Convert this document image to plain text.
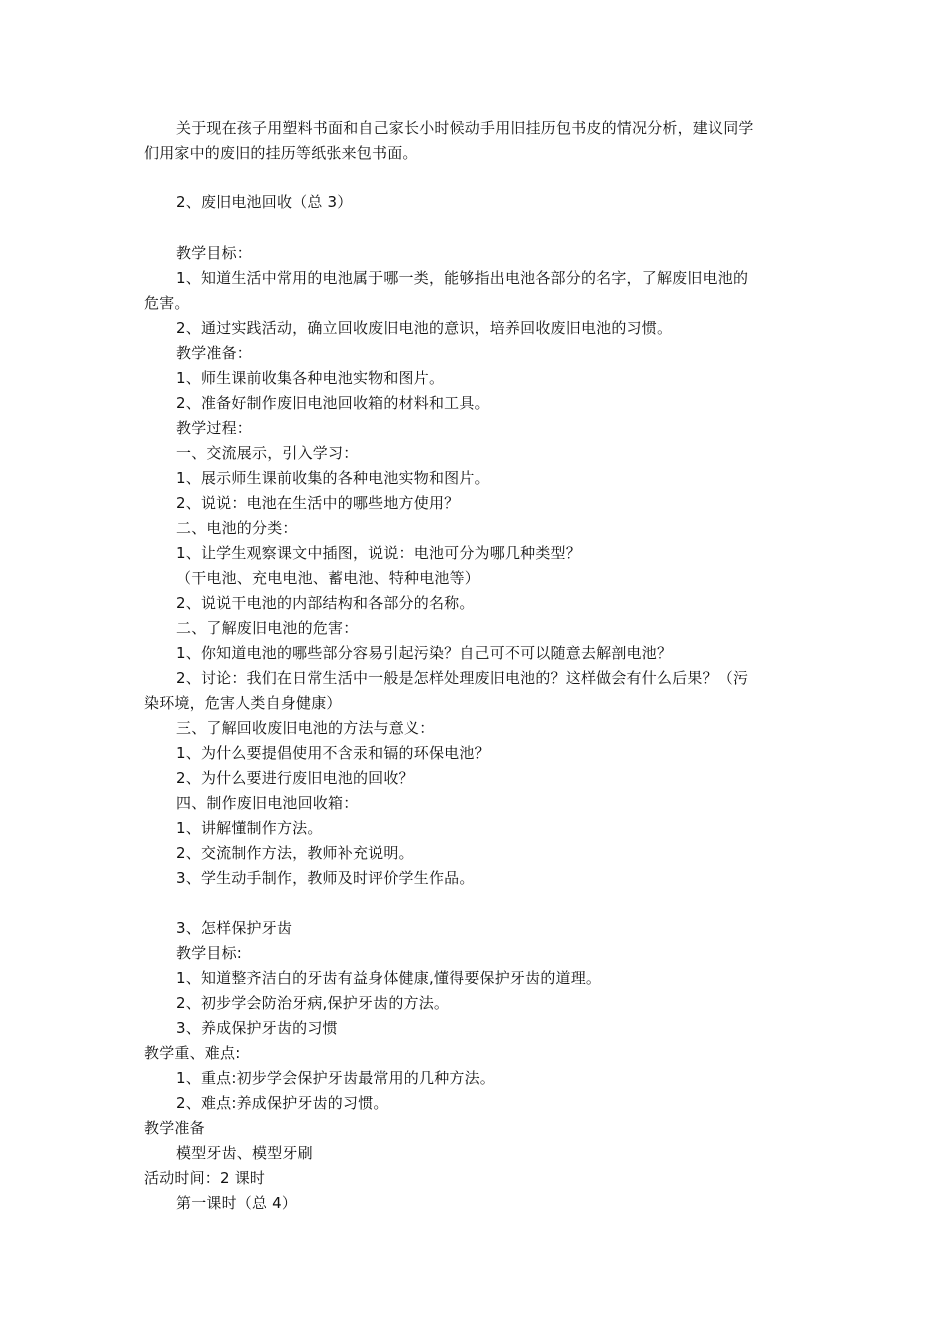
关于现在孩子用塑料书面和自己家长小时候动手用旧挂历包书皮的情况分析，建议同学
们用家中的废旧的挂历等纸张来包书面。
2、废旧电池回收（总 3）
教学目标：
1、知道生活中常用的电池属于哪一类，能够指出电池各部分的名字，了解废旧电池的
危害。
2、通过实践活动，确立回收废旧电池的意识，培养回收废旧电池的习惯。
教学准备：
1、师生课前收集各种电池实物和图片。
2、准备好制作废旧电池回收箱的材料和工具。
教学过程：
一、交流展示，引入学习：
1、展示师生课前收集的各种电池实物和图片。
2、说说：电池在生活中的哪些地方使用？
二、电池的分类：
1、让学生观察课文中插图，说说：电池可分为哪几种类型？
（干电池、充电电池、蓄电池、特种电池等）
2、说说干电池的内部结构和各部分的名称。
二、了解废旧电池的危害：
1、你知道电池的哪些部分容易引起污染？自己可不可以随意去解剖电池？
2、讨论：我们在日常生活中一般是怎样处理废旧电池的？这样做会有什么后果？（污
染环境，危害人类自身健康）
三、了解回收废旧电池的方法与意义：
1、为什么要提倡使用不含汞和镉的环保电池？
2、为什么要进行废旧电池的回收？
四、制作废旧电池回收箱：
1、讲解懂制作方法。
2、交流制作方法，教师补充说明。
3、学生动手制作，教师及时评价学生作品。
3、怎样保护牙齿
教学目标:
1、知道整齐洁白的牙齿有益身体健康,懂得要保护牙齿的道理。
2、初步学会防治牙病,保护牙齿的方法。
3、养成保护牙齿的习惯
教学重、难点:
1、重点:初步学会保护牙齿最常用的几种方法。
2、难点:养成保护牙齿的习惯。
教学准备
模型牙齿、模型牙刷
活动时间：2 课时
第一课时（总 4）
